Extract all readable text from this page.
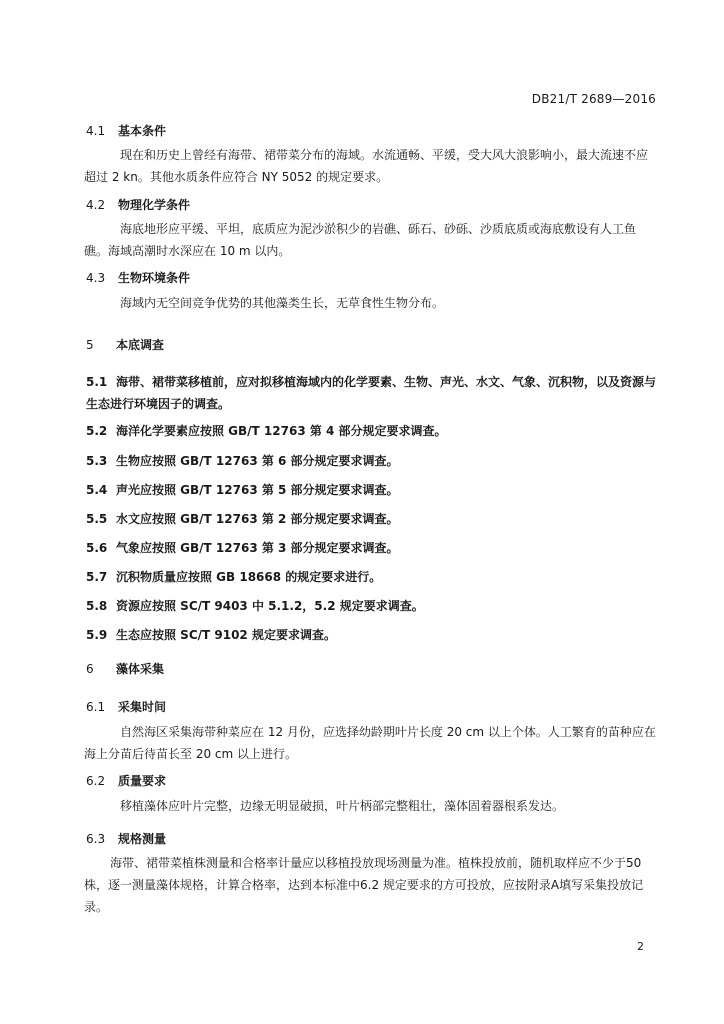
DB21/T 2689—2016
4.1 基本条件
现在和历史上曾经有海带、裙带菜分布的海域。水流通畅、平缓，受大风大浪影响小，最大流速不应超过 2 kn。其他水质条件应符合 NY 5052 的规定要求。
4.2 物理化学条件
海底地形应平缓、平坦，底质应为泥沙淤积少的岩礁、砾石、砂砾、沙质底质或海底敷设有人工鱼礁。海域高潮时水深应在 10 m 以内。
4.3 生物环境条件
海域内无空间竞争优势的其他藻类生长，无草食性生物分布。
5 本底调查
5.1 海带、裙带菜移植前，应对拟移植海域内的化学要素、生物、声光、水文、气象、沉积物，以及资源与生态进行环境因子的调查。
5.2 海洋化学要素应按照 GB/T 12763 第 4 部分规定要求调查。
5.3 生物应按照 GB/T 12763 第 6 部分规定要求调查。
5.4 声光应按照 GB/T 12763 第 5 部分规定要求调查。
5.5 水文应按照 GB/T 12763 第 2 部分规定要求调查。
5.6 气象应按照 GB/T 12763 第 3 部分规定要求调查。
5.7 沉积物质量应按照 GB 18668 的规定要求进行。
5.8 资源应按照 SC/T 9403 中 5.1.2，5.2 规定要求调查。
5.9 生态应按照 SC/T 9102 规定要求调查。
6 藻体采集
6.1 采集时间
自然海区采集海带种菜应在 12 月份，应选择幼龄期叶片长度 20 cm 以上个体。人工繁育的苗种应在海上分苗后待苗长至 20 cm 以上进行。
6.2 质量要求
移植藻体应叶片完整，边缘无明显破损，叶片柄部完整粗壮，藻体固着器根系发达。
6.3 规格测量
海带、裙带菜植株测量和合格率计量应以移植投放现场测量为准。植株投放前，随机取样应不少于50株，逐一测量藻体规格，计算合格率，达到本标准中6.2 规定要求的方可投放，应按附录A填写采集投放记录。
2
